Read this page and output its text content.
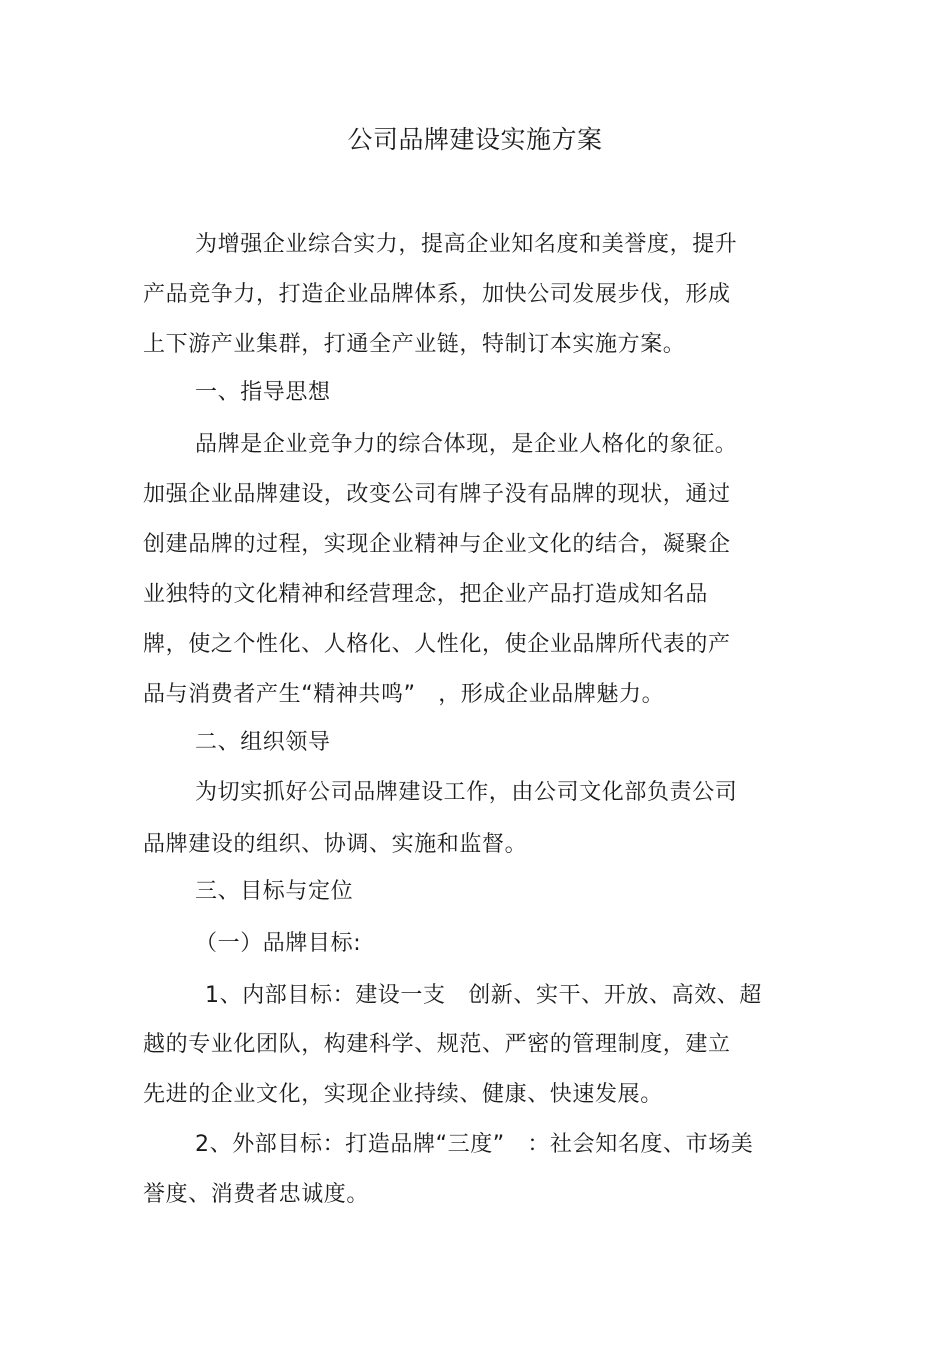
公司品牌建设实施方案
为增强企业综合实力，提高企业知名度和美誉度，提升
产品竞争力，打造企业品牌体系，加快公司发展步伐，形成
上下游产业集群，打通全产业链，特制订本实施方案。
一、指导思想
品牌是企业竞争力的综合体现，是企业人格化的象征。
加强企业品牌建设，改变公司有牌子没有品牌的现状，通过
创建品牌的过程，实现企业精神与企业文化的结合，凝聚企
业独特的文化精神和经营理念，把企业产品打造成知名品
牌，使之个性化、人格化、人性化，使企业品牌所代表的产
品与消费者产生“精神共鸣”　，形成企业品牌魅力。
二、组织领导
为切实抓好公司品牌建设工作，由公司文化部负责公司
品牌建设的组织、协调、实施和监督。
三、目标与定位
（一）品牌目标:
1、内部目标：建设一支　创新、实干、开放、高效、超
越的专业化团队，构建科学、规范、严密的管理制度，建立
先进的企业文化，实现企业持续、健康、快速发展。
2、外部目标：打造品牌“三度”　：社会知名度、市场美
誉度、消费者忠诚度。
